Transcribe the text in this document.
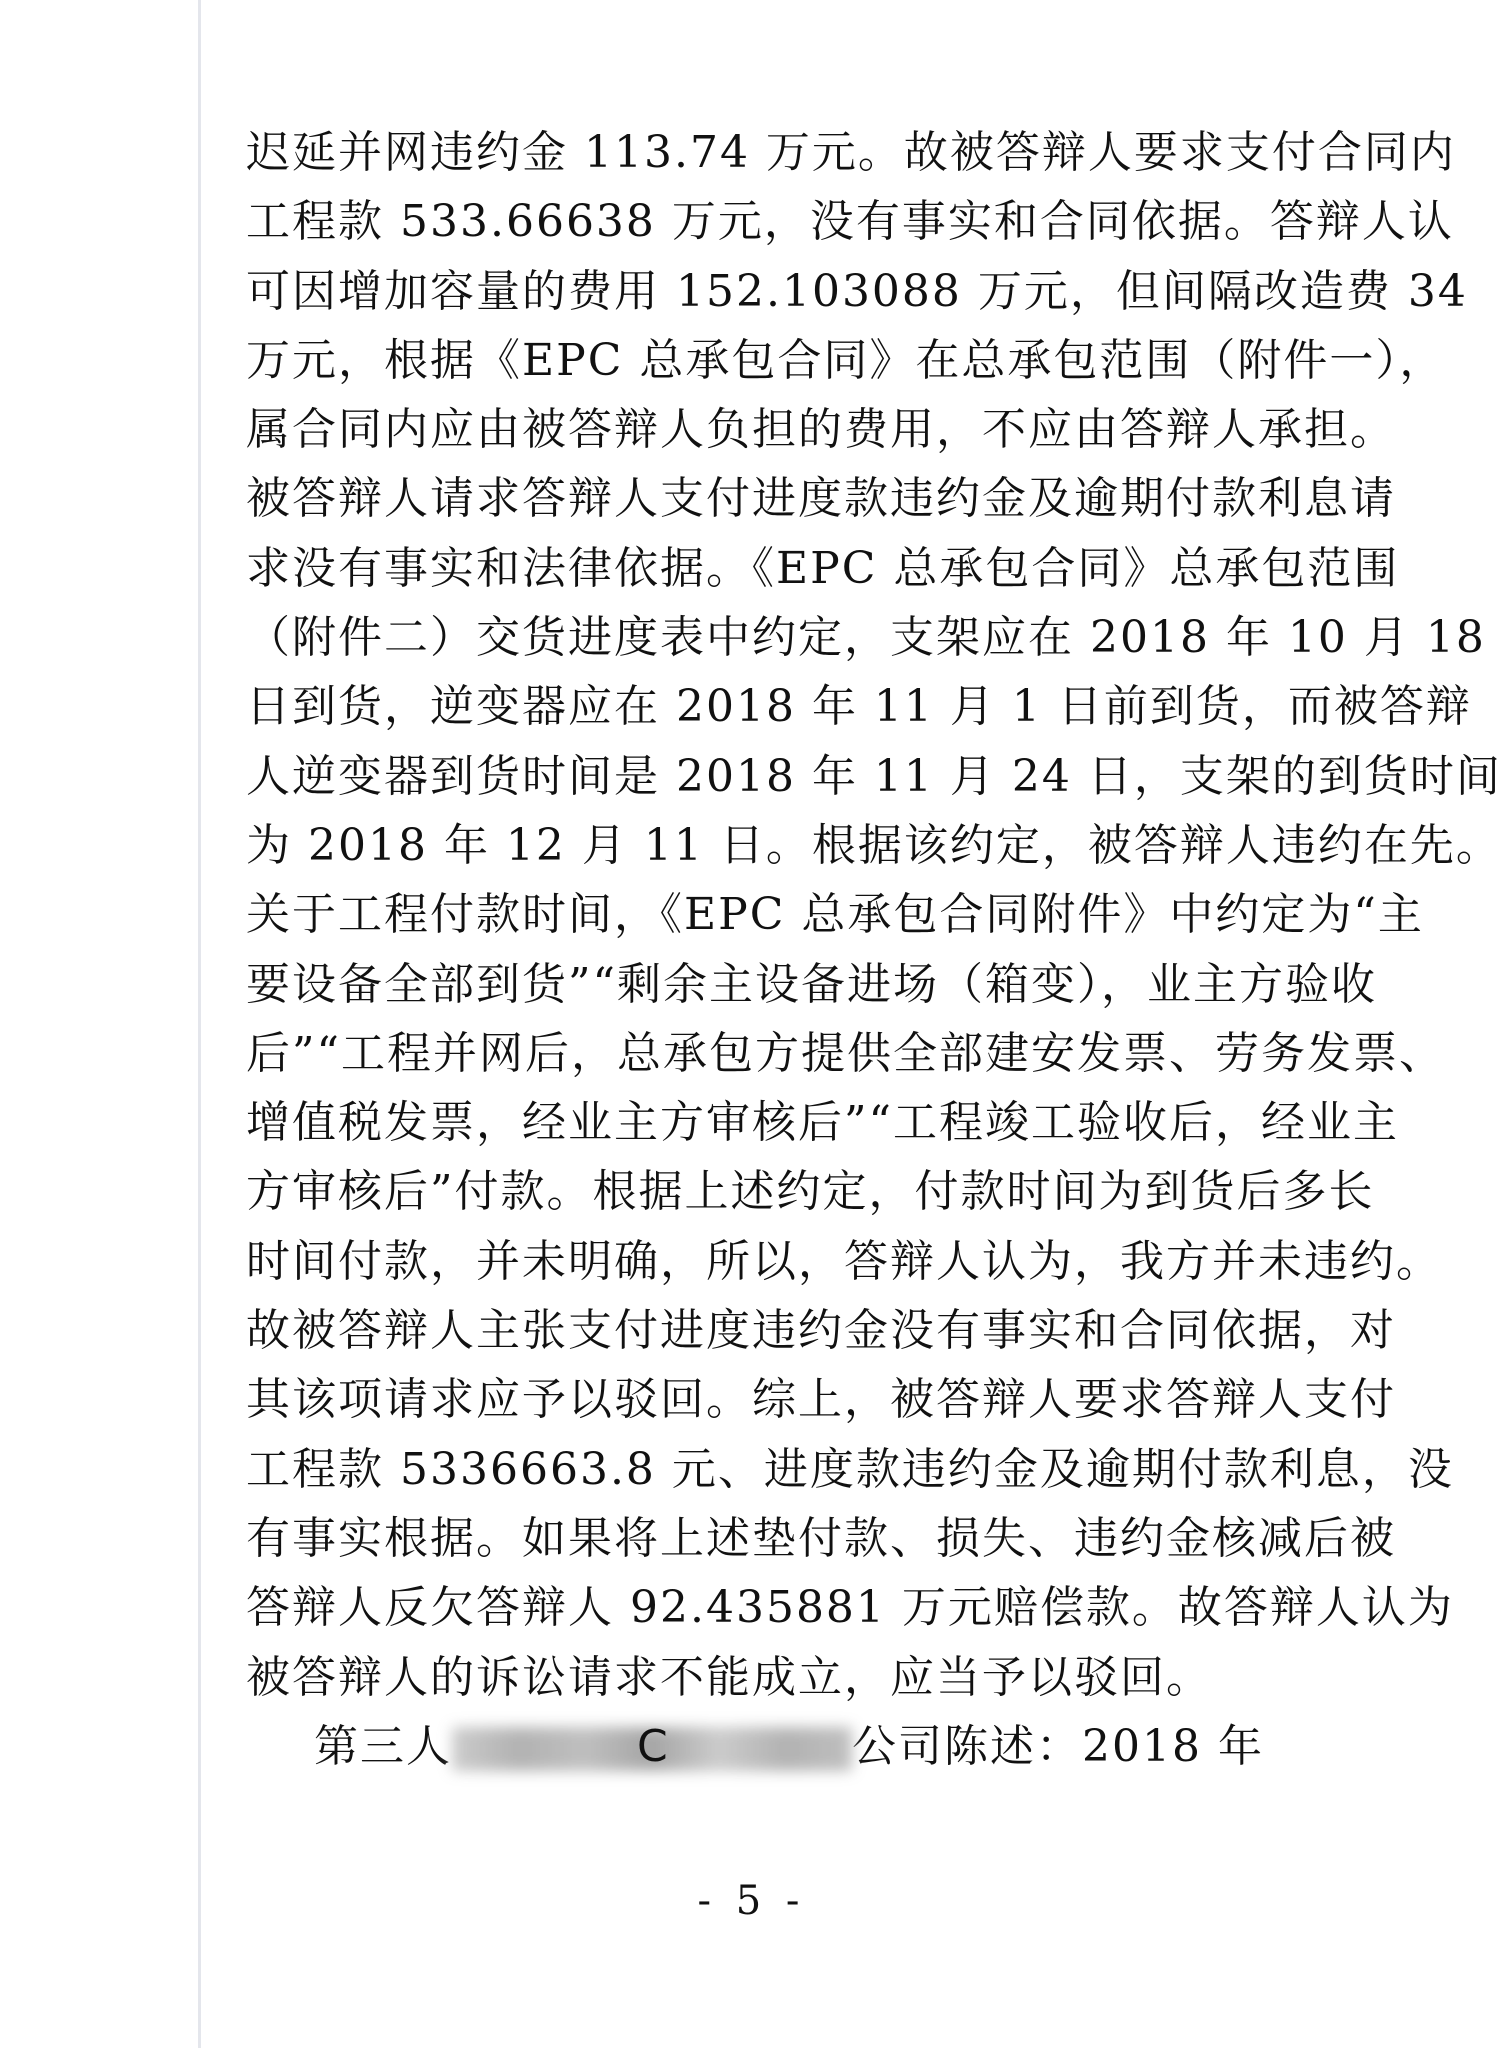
迟延并网违约金 113.74 万元。故被答辩人要求支付合同内
工程款 533.66638 万元，没有事实和合同依据。答辩人认
可因增加容量的费用 152.103088 万元，但间隔改造费 34
万元，根据《EPC 总承包合同》在总承包范围（附件一），
属合同内应由被答辩人负担的费用，不应由答辩人承担。
被答辩人请求答辩人支付进度款违约金及逾期付款利息请
求没有事实和法律依据。《EPC 总承包合同》总承包范围
（附件二）交货进度表中约定，支架应在 2018 年 10 月 18
日到货，逆变器应在 2018 年 11 月 1 日前到货，而被答辩
人逆变器到货时间是 2018 年 11 月 24 日，支架的到货时间
为 2018 年 12 月 11 日。根据该约定，被答辩人违约在先。
关于工程付款时间，《EPC 总承包合同附件》中约定为“主
要设备全部到货”“剩余主设备进场（箱变），业主方验收
后”“工程并网后，总承包方提供全部建安发票、劳务发票、
增值税发票，经业主方审核后”“工程竣工验收后，经业主
方审核后”付款。根据上述约定，付款时间为到货后多长
时间付款，并未明确，所以，答辩人认为，我方并未违约。
故被答辩人主张支付进度违约金没有事实和合同依据，对
其该项请求应予以驳回。综上，被答辩人要求答辩人支付
工程款 5336663.8 元、进度款违约金及逾期付款利息，没
有事实根据。如果将上述垫付款、损失、违约金核减后被
答辩人反欠答辩人 92.435881 万元赔偿款。故答辩人认为
被答辩人的诉讼请求不能成立，应当予以驳回。
第三人	C	公司陈述：2018 年
- 5 -
